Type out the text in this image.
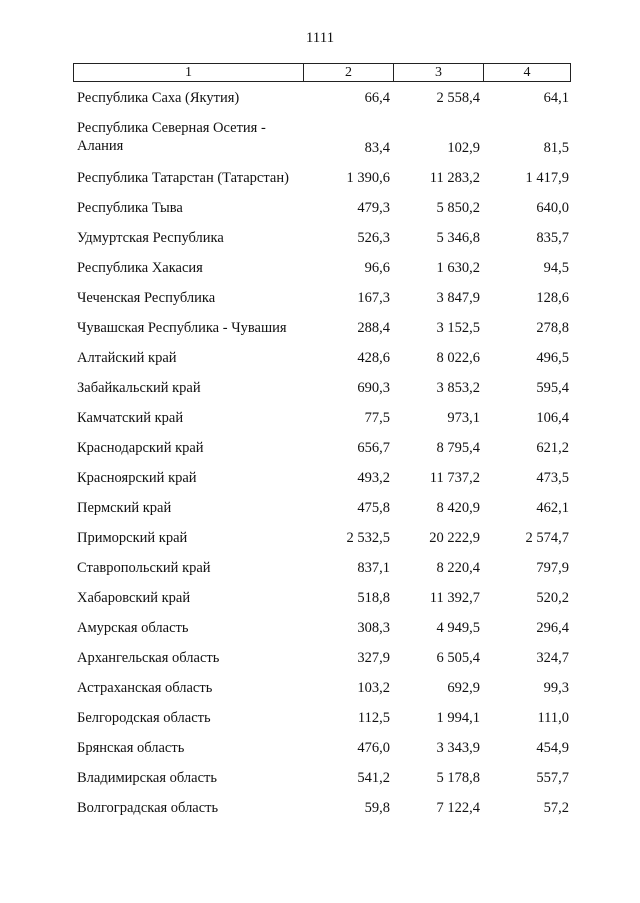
1111
1	2	3	4
Республика Саха (Якутия)	66,4	2 558,4	64,1
Республика Северная Осетия - Алания	83,4	102,9	81,5
Республика Татарстан (Татарстан)	1 390,6	11 283,2	1 417,9
Республика Тыва	479,3	5 850,2	640,0
Удмуртская Республика	526,3	5 346,8	835,7
Республика Хакасия	96,6	1 630,2	94,5
Чеченская Республика	167,3	3 847,9	128,6
Чувашская Республика - Чувашия	288,4	3 152,5	278,8
Алтайский край	428,6	8 022,6	496,5
Забайкальский край	690,3	3 853,2	595,4
Камчатский край	77,5	973,1	106,4
Краснодарский край	656,7	8 795,4	621,2
Красноярский край	493,2	11 737,2	473,5
Пермский край	475,8	8 420,9	462,1
Приморский край	2 532,5	20 222,9	2 574,7
Ставропольский край	837,1	8 220,4	797,9
Хабаровский край	518,8	11 392,7	520,2
Амурская область	308,3	4 949,5	296,4
Архангельская область	327,9	6 505,4	324,7
Астраханская область	103,2	692,9	99,3
Белгородская область	112,5	1 994,1	111,0
Брянская область	476,0	3 343,9	454,9
Владимирская область	541,2	5 178,8	557,7
Волгоградская область	59,8	7 122,4	57,2
